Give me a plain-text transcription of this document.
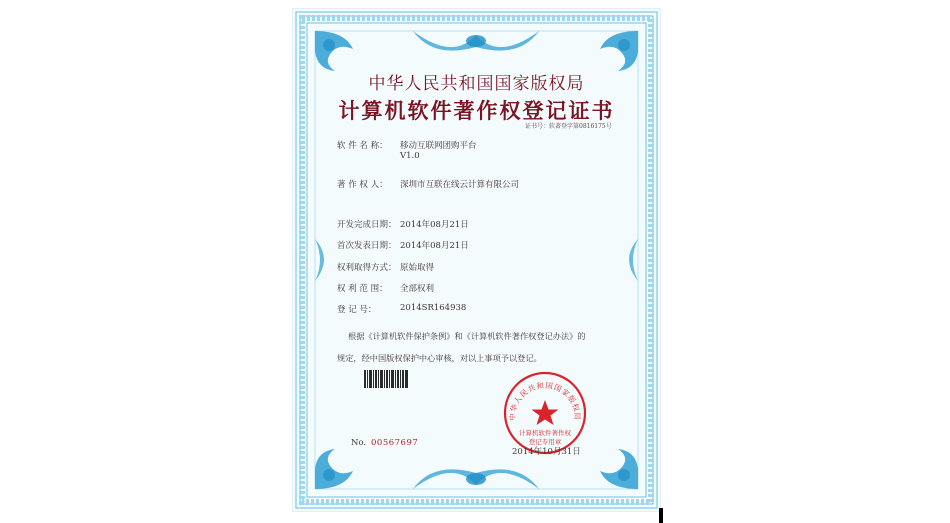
中华人民共和国国家版权局
计算机软件著作权登记证书
证书号：软著登字第0816175号
软 件 名 称： 移动互联网团购平台
V1.0
著 作 权 人： 深圳市互联在线云计算有限公司
开发完成日期： 2014年08月21日
首次发表日期： 2014年08月21日
权利取得方式： 原始取得
权 利 范 围： 全部权利
登 记 号：	2014SR164938
根据《计算机软件保护条例》和《计算机软件著作权登记办法》的
规定，经中国版权保护中心审核，对以上事项予以登记。
中华人民共和国国家版权局
计算机软件著作权
登记专用章
No. 00567697
2014年10月31日
